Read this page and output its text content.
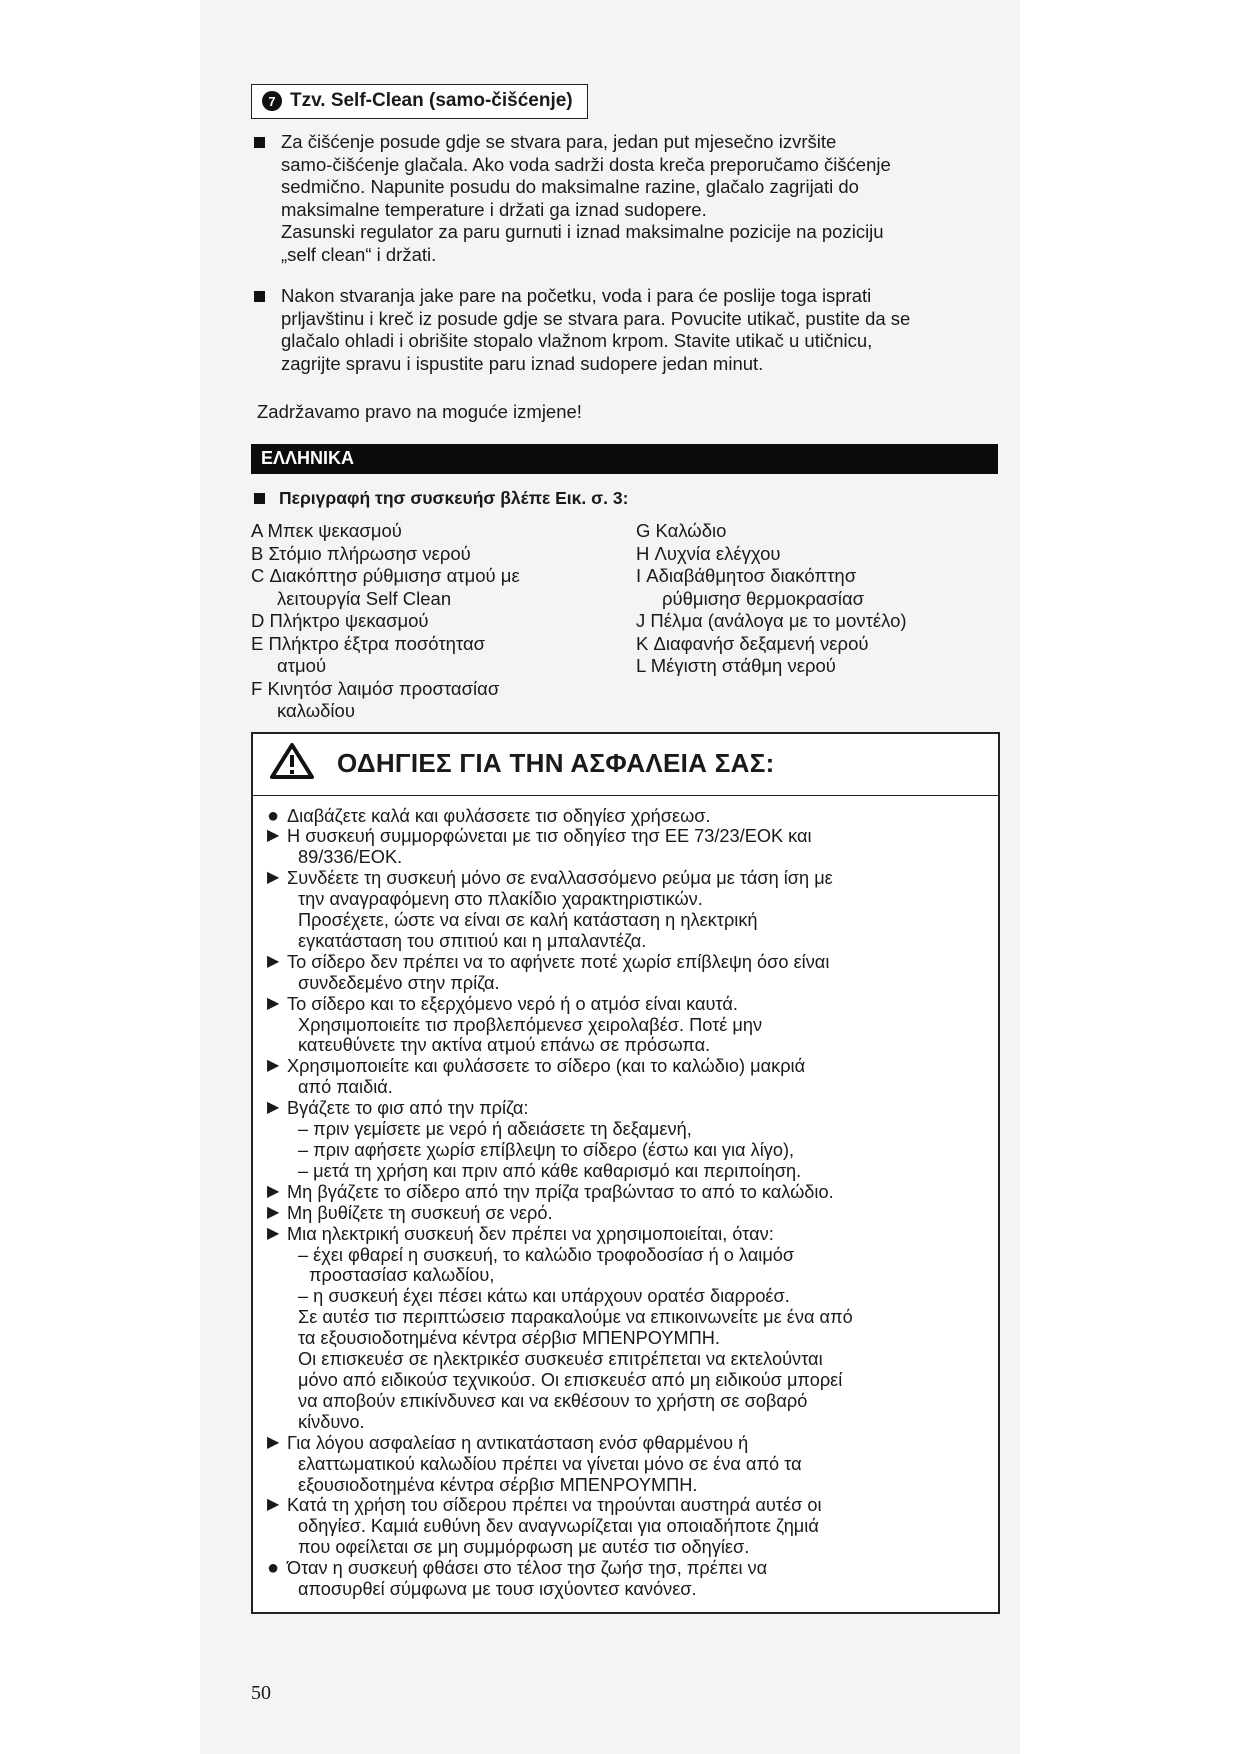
7 Tzv. Self-Clean (samo-čišćenje)
Za čišćenje posude gdje se stvara para, jedan put mjesečno izvršite
samo-čišćenje glačala. Ako voda sadrži dosta kreča preporučamo čišćenje
sedmično. Napunite posudu do maksimalne razine, glačalo zagrijati do
maksimalne temperature i držati ga iznad sudopere.
Zasunski regulator za paru gurnuti i iznad maksimalne pozicije na poziciju
„self clean“ i držati.
Nakon stvaranja jake pare na početku, voda i para će poslije toga isprati
prljavštinu i kreč iz posude gdje se stvara para. Povucite utikač, pustite da se
glačalo ohladi i obrišite stopalo vlažnom krpom. Stavite utikač u utičnicu,
zagrijte spravu i ispustite paru iznad sudopere jedan minut.
Zadržavamo pravo na moguće izmjene!
ΕΛΛΗΝΙΚΑ
Περιγραφή τησ συσκευήσ βλέπε Εικ. σ. 3:
A Μπεκ ψεκασμού
B Στόμιο πλήρωσησ νερού
C Διακόπτησ ρύθμισησ ατμού με
λειτουργία Self Clean
D Πλήκτρο ψεκασμού
E Πλήκτρο έξτρα ποσότητασ
ατμού
F Κινητόσ λαιμόσ προστασίασ
καλωδίου
G Καλώδιο
H Λυχνία ελέγχου
I Αδιαβάθμητοσ διακόπτησ
ρύθμισησ θερμοκρασίασ
J Πέλμα (ανάλογα με το μοντέλο)
K Διαφανήσ δεξαμενή νερού
L Μέγιστη στάθμη νερού
ΟΔΗΓΙΕΣ ΓΙΑ ΤΗΝ ΑΣΦΑΛΕΙΑ ΣΑΣ:
● Διαβάζετε καλά και φυλάσσετε τισ οδηγίεσ χρήσεωσ.
▶ Η συσκευή συμμορφώνεται με τισ οδηγίεσ τησ ΕΕ 73/23/ΕΟΚ και
89/336/ΕΟΚ.
▶ Συνδέετε τη συσκευή μόνο σε εναλλασσόμενο ρεύμα με τάση ίση με
την αναγραφόμενη στο πλακίδιο χαρακτηριστικών.
Προσέχετε, ώστε να είναι σε καλή κατάσταση η ηλεκτρική
εγκατάσταση του σπιτιού και η μπαλαντέζα.
▶ Το σίδερο δεν πρέπει να το αφήνετε ποτέ χωρίσ επίβλεψη όσο είναι
συνδεδεμένο στην πρίζα.
▶ Το σίδερο και το εξερχόμενο νερό ή ο ατμόσ είναι καυτά.
Χρησιμοποιείτε τισ προβλεπόμενεσ χειρολαβέσ. Ποτέ μην
κατευθύνετε την ακτίνα ατμού επάνω σε πρόσωπα.
▶ Χρησιμοποιείτε και φυλάσσετε το σίδερο (και το καλώδιο) μακριά
από παιδιά.
▶ Βγάζετε το φισ από την πρίζα:
– πριν γεμίσετε με νερό ή αδειάσετε τη δεξαμενή,
– πριν αφήσετε χωρίσ επίβλεψη το σίδερο (έστω και για λίγο),
– μετά τη χρήση και πριν από κάθε καθαρισμό και περιποίηση.
▶ Μη βγάζετε το σίδερο από την πρίζα τραβώντασ το από το καλώδιο.
▶ Μη βυθίζετε τη συσκευή σε νερό.
▶ Μια ηλεκτρική συσκευή δεν πρέπει να χρησιμοποιείται, όταν:
– έχει φθαρεί η συσκευή, το καλώδιο τροφοδοσίασ ή ο λαιμόσ
προστασίασ καλωδίου,
– η συσκευή έχει πέσει κάτω και υπάρχουν ορατέσ διαρροέσ.
Σε αυτέσ τισ περιπτώσεισ παρακαλούμε να επικοινωνείτε με ένα από
τα εξουσιοδοτημένα κέντρα σέρβισ ΜΠΕΝΡΟΥΜΠΗ.
Οι επισκευέσ σε ηλεκτρικέσ συσκευέσ επιτρέπεται να εκτελούνται
μόνο από ειδικούσ τεχνικούσ. Οι επισκευέσ από μη ειδικούσ μπορεί
να αποβούν επικίνδυνεσ και να εκθέσουν το χρήστη σε σοβαρό
κίνδυνο.
▶ Για λόγου ασφαλείασ η αντικατάσταση ενόσ φθαρμένου ή
ελαττωματικού καλωδίου πρέπει να γίνεται μόνο σε ένα από τα
εξουσιοδοτημένα κέντρα σέρβισ ΜΠΕΝΡΟΥΜΠΗ.
▶ Κατά τη χρήση του σίδερου πρέπει να τηρούνται αυστηρά αυτέσ οι
οδηγίεσ. Καμιά ευθύνη δεν αναγνωρίζεται για οποιαδήποτε ζημιά
που οφείλεται σε μη συμμόρφωση με αυτέσ τισ οδηγίεσ.
● Όταν η συσκευή φθάσει στο τέλοσ τησ ζωήσ τησ, πρέπει να
αποσυρθεί σύμφωνα με τουσ ισχύοντεσ κανόνεσ.
50
